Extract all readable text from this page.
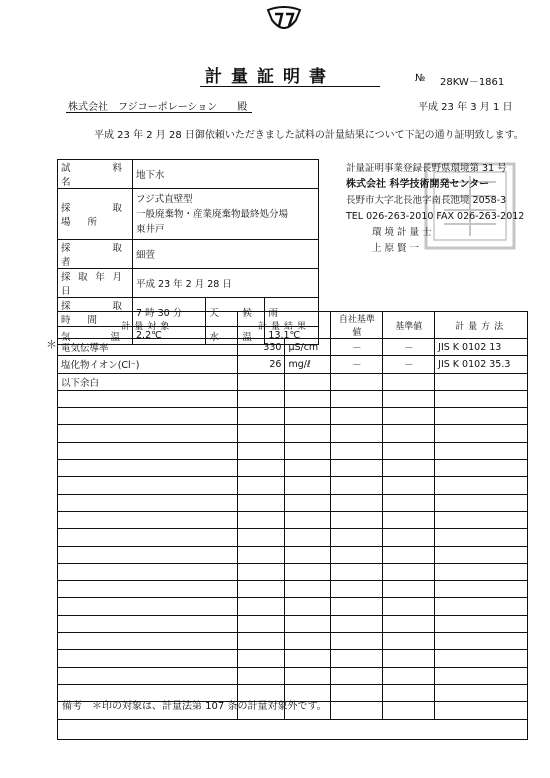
計量証明書	№ 28KW－1861
株式会社　フジコーポレーション　　殿	平成 23 年 3 月 1 日
平成 23 年 2 月 28 日御依頼いただきました試料の計量結果について下記の通り証明致します。
試　料　名	地下水		
採 取 場 所	フジ式直壁型
一般廃棄物・産業廃棄物最終処分場
東井戸		

採 取 者	細萱		
採取年月日	平成 23 年 2 月 28 日		
採 取 時 間	7 時 30 分	天　候	雨
気　　温	2.2℃	水　温	13.1℃
計量証明事業登録長野県環境第 31 号
株式会社 科学技術開発センター
長野市大字北長池字南長池境 2058-3
TEL 026-263-2010 FAX 026-263-2012
環 境 計 量 士
上 原 賢 一
＊
計量対象	計量結果		自社基準値	基準値	計量方法
電気伝導率	330	μS/cm	－	－	JIS K 0102 13
塩化物イオン(Cl⁻)	26	mg/ℓ	－	－	JIS K 0102 35.3
以下余白					

備考　＊印の対象は、計量法第 107 条の計量対象外です。
